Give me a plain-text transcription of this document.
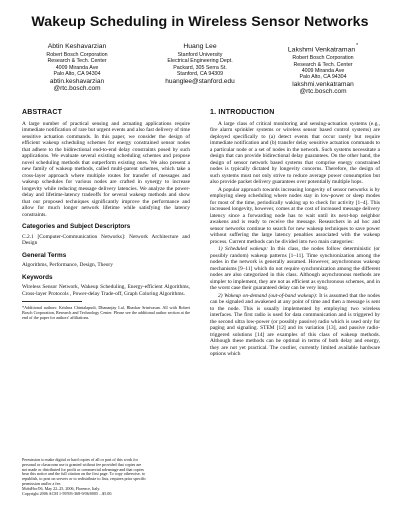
Wakeup Scheduling in Wireless Sensor Networks
Abtin Keshavarzian
Robert Bosch Corporation
Research & Tech. Center
4009 Miranda Ave
Palo Alto, CA 94304
abtin.keshavarzian
@rtc.bosch.com
Huang Lee
Stanford University
Electrical Engineering Dept.
Packard, 305 Serra St.
Stanford, CA 94309
huanglee@stanford.edu
Lakshmi Venkatraman*
Robert Bosch Corporation
Research & Tech. Center
4009 Miranda Ave
Palo Alto, CA 94304
lakshmi.venkatraman
@rtc.bosch.com
ABSTRACT

A large number of practical sensing and actuating applications require immediate notification of rare but urgent events and also fast delivery of time sensitive actuation commands. In this paper, we consider the design of efficient wakeup scheduling schemes for energy constrained sensor nodes that adhere to the bidirectional end-to-end delay constraints posed by such applications. We evaluate several existing scheduling schemes and propose novel scheduling methods that outperform existing ones. We also present a new family of wakeup methods, called multi-parent schemes, which take a cross-layer approach where multiple routes for transfer of messages and wakeup schedules for various nodes are crafted in synergy to increase longevity while reducing message delivery latencies. We analyze the power-delay and lifetime-latency tradeoffs for several wakeup methods and show that our proposed techniques significantly improve the performance and allow for much longer network lifetime while satisfying the latency constraints.

Categories and Subject Descriptors

C.2.1 [Computer-Communication Networks]: Network Architecture and Design

General Terms

Algorithms, Performance, Design, Theory

Keywords

Wireless Sensor Network, Wakeup Scheduling, Energy-efficient Algorithms, Cross-layer Protocols , Power-delay Trade-off, Graph Coloring Algorithms.

*Additional authors: Krishna Chintalapudi, Dhananjay Lal, Bhaskar Srinivasan. All with Robert Bosch Corporation, Research and Technology Center. Please see the additional author section at the end of the paper for authors' affiliations.
Permission to make digital or hard copies of all or part of this work for
personal or classroom use is granted without fee provided that copies are
not made or distributed for profit or commercial advantage and that copies
bear this notice and the full citation on the first page. To copy otherwise, to
republish, to post on servers or to redistribute to lists, requires prior specific
permission and/or a fee.
MobiHoc'06, May 22–25, 2006, Florence, Italy.
Copyright 2006 ACM 1-59593-368-9/06/0005 ...$5.00.
1. INTRODUCTION

A large class of critical monitoring and sensing-actuation systems (e.g., fire alarm sprinkler systems or wireless sensor based control systems) are deployed specifically to (a) detect events that occur rarely but require immediate notification and (b) transfer delay sensitive actuation commands to a particular node or a set of nodes in the network. Such systems necessitate a design that can provide bidirectional delay guarantees. On the other hand, the design of sensor network based systems that comprise energy constrained nodes is typically dictated by longevity concerns. Therefore, the design of such systems must not only strive to reduce average power consumption but also provide packet delivery guarantees over potentially multiple hops.

A popular approach towards increasing longevity of sensor networks is by employing sleep scheduling where nodes stay in low-power or sleep modes for most of the time, periodically waking up to check for activity [1–4]. This increased longevity, however, comes at the cost of increased message delivery latency since a forwarding node has to wait until its next-hop neighbor awakens and is ready to receive the message. Researchers in ad hoc and sensor networks continue to search for new wakeup techniques to save power without suffering the large latency penalties associated with the wakeup process. Current methods can be divided into two main categories:

1) Scheduled wakeup: In this class, the nodes follow deterministic (or possibly random) wakeup patterns [1–11]. Time synchronization among the nodes in the network is generally assumed. However, asynchronous wakeup mechanisms [9–11] which do not require synchronization among the different nodes are also categorized in this class. Although asynchronous methods are simpler to implement, they are not as efficient as synchronous schemes, and in the worst case their guaranteed delay can be very long.

2) Wakeup on-demand (out-of-band wakeup): It is assumed that the nodes can be signaled and awakened at any point of time and then a message is sent to the node. This is usually implemented by employing two wireless interfaces. The first radio is used for data communication and is triggered by the second ultra low-power (or possibly passive) radio which is used only for paging and signaling. STEM [12] and its variation [13], and passive radio-triggered solutions [14] are examples of this class of wakeup methods. Although these methods can be optimal in terms of both delay and energy, they are not yet practical. The costlier, currently limited available hardware options which
